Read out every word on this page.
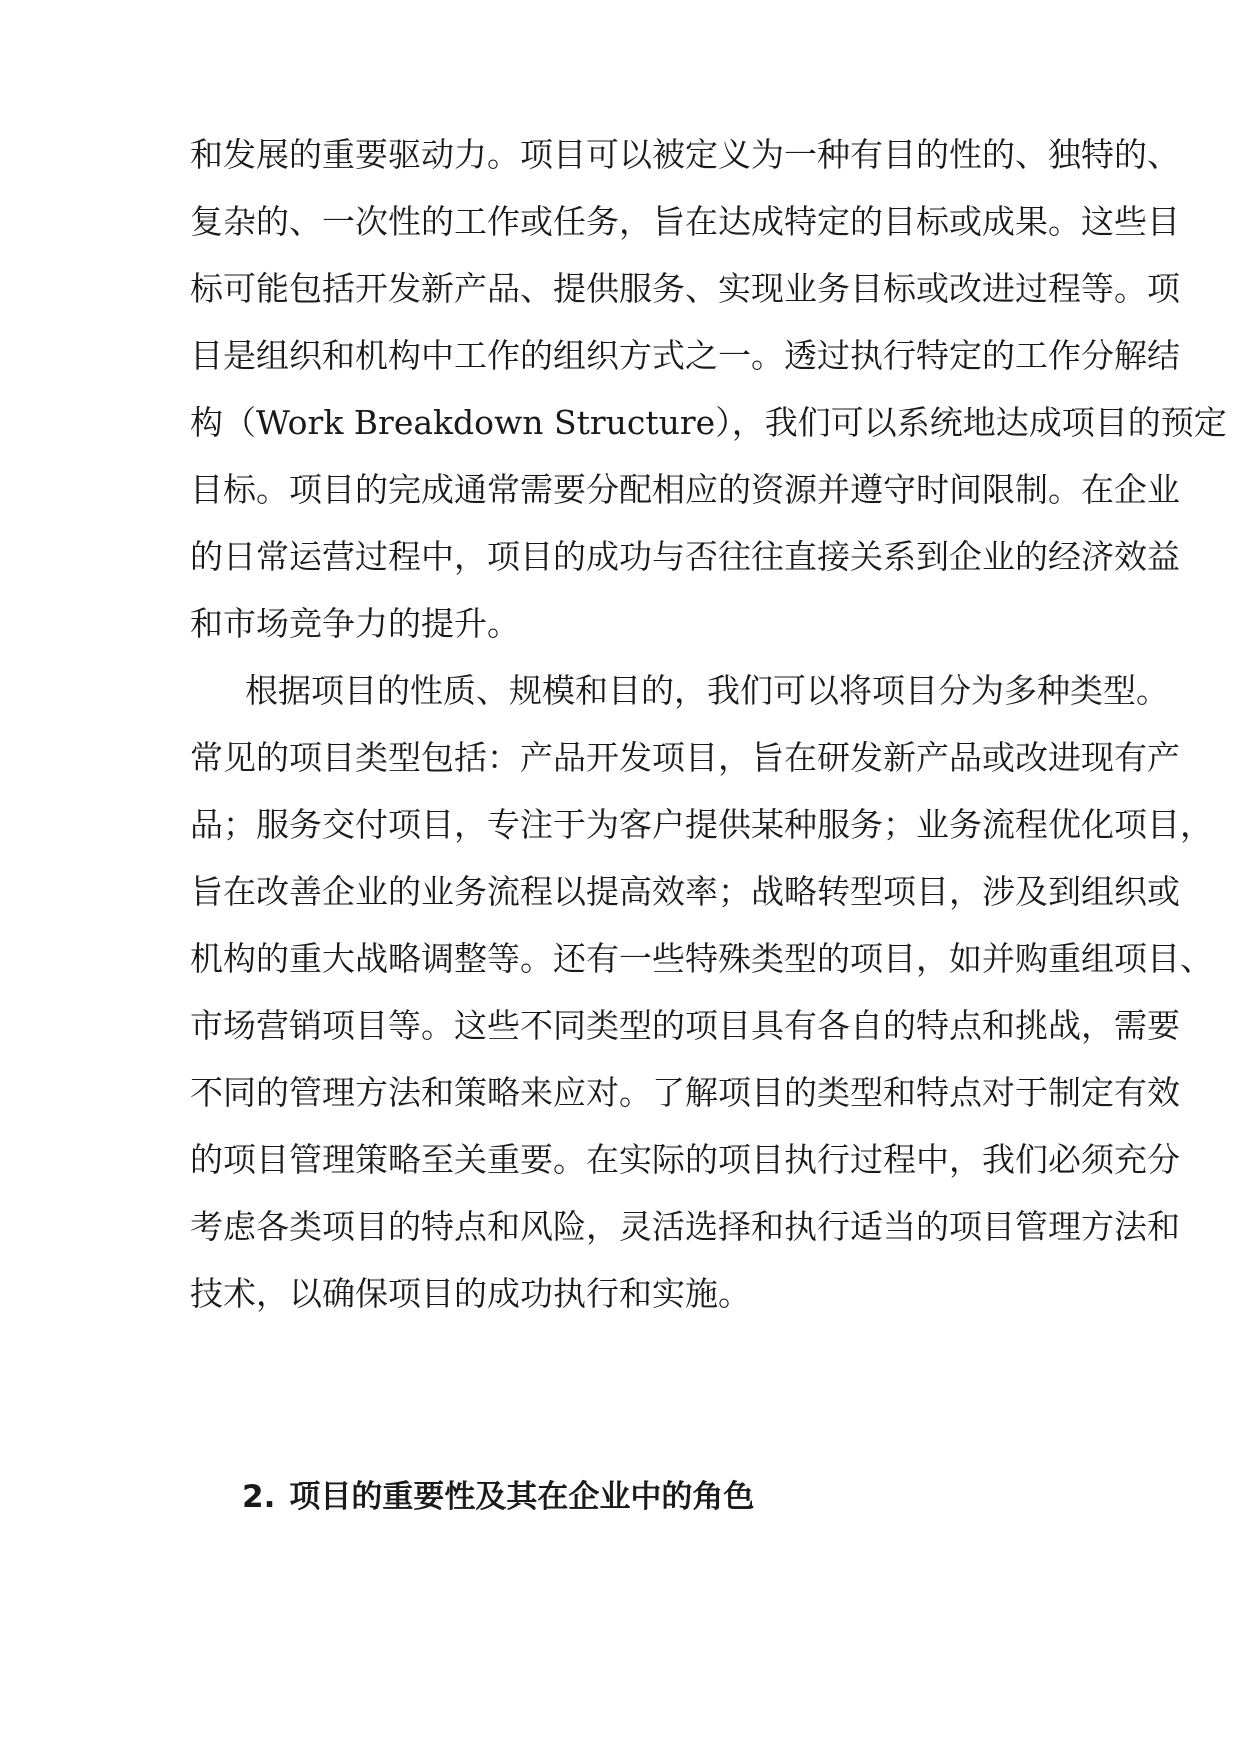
和发展的重要驱动力。项目可以被定义为一种有目的性的、独特的、
复杂的、一次性的工作或任务，旨在达成特定的目标或成果。这些目
标可能包括开发新产品、提供服务、实现业务目标或改进过程等。项
目是组织和机构中工作的组织方式之一。透过执行特定的工作分解结
构（Work Breakdown Structure），我们可以系统地达成项目的预定
目标。项目的完成通常需要分配相应的资源并遵守时间限制。在企业
的日常运营过程中，项目的成功与否往往直接关系到企业的经济效益
和市场竞争力的提升。
根据项目的性质、规模和目的，我们可以将项目分为多种类型。
常见的项目类型包括：产品开发项目，旨在研发新产品或改进现有产
品；服务交付项目，专注于为客户提供某种服务；业务流程优化项目，
旨在改善企业的业务流程以提高效率；战略转型项目，涉及到组织或
机构的重大战略调整等。还有一些特殊类型的项目，如并购重组项目、
市场营销项目等。这些不同类型的项目具有各自的特点和挑战，需要
不同的管理方法和策略来应对。了解项目的类型和特点对于制定有效
的项目管理策略至关重要。在实际的项目执行过程中，我们必须充分
考虑各类项目的特点和风险，灵活选择和执行适当的项目管理方法和
技术，以确保项目的成功执行和实施。
2. 项目的重要性及其在企业中的角色
